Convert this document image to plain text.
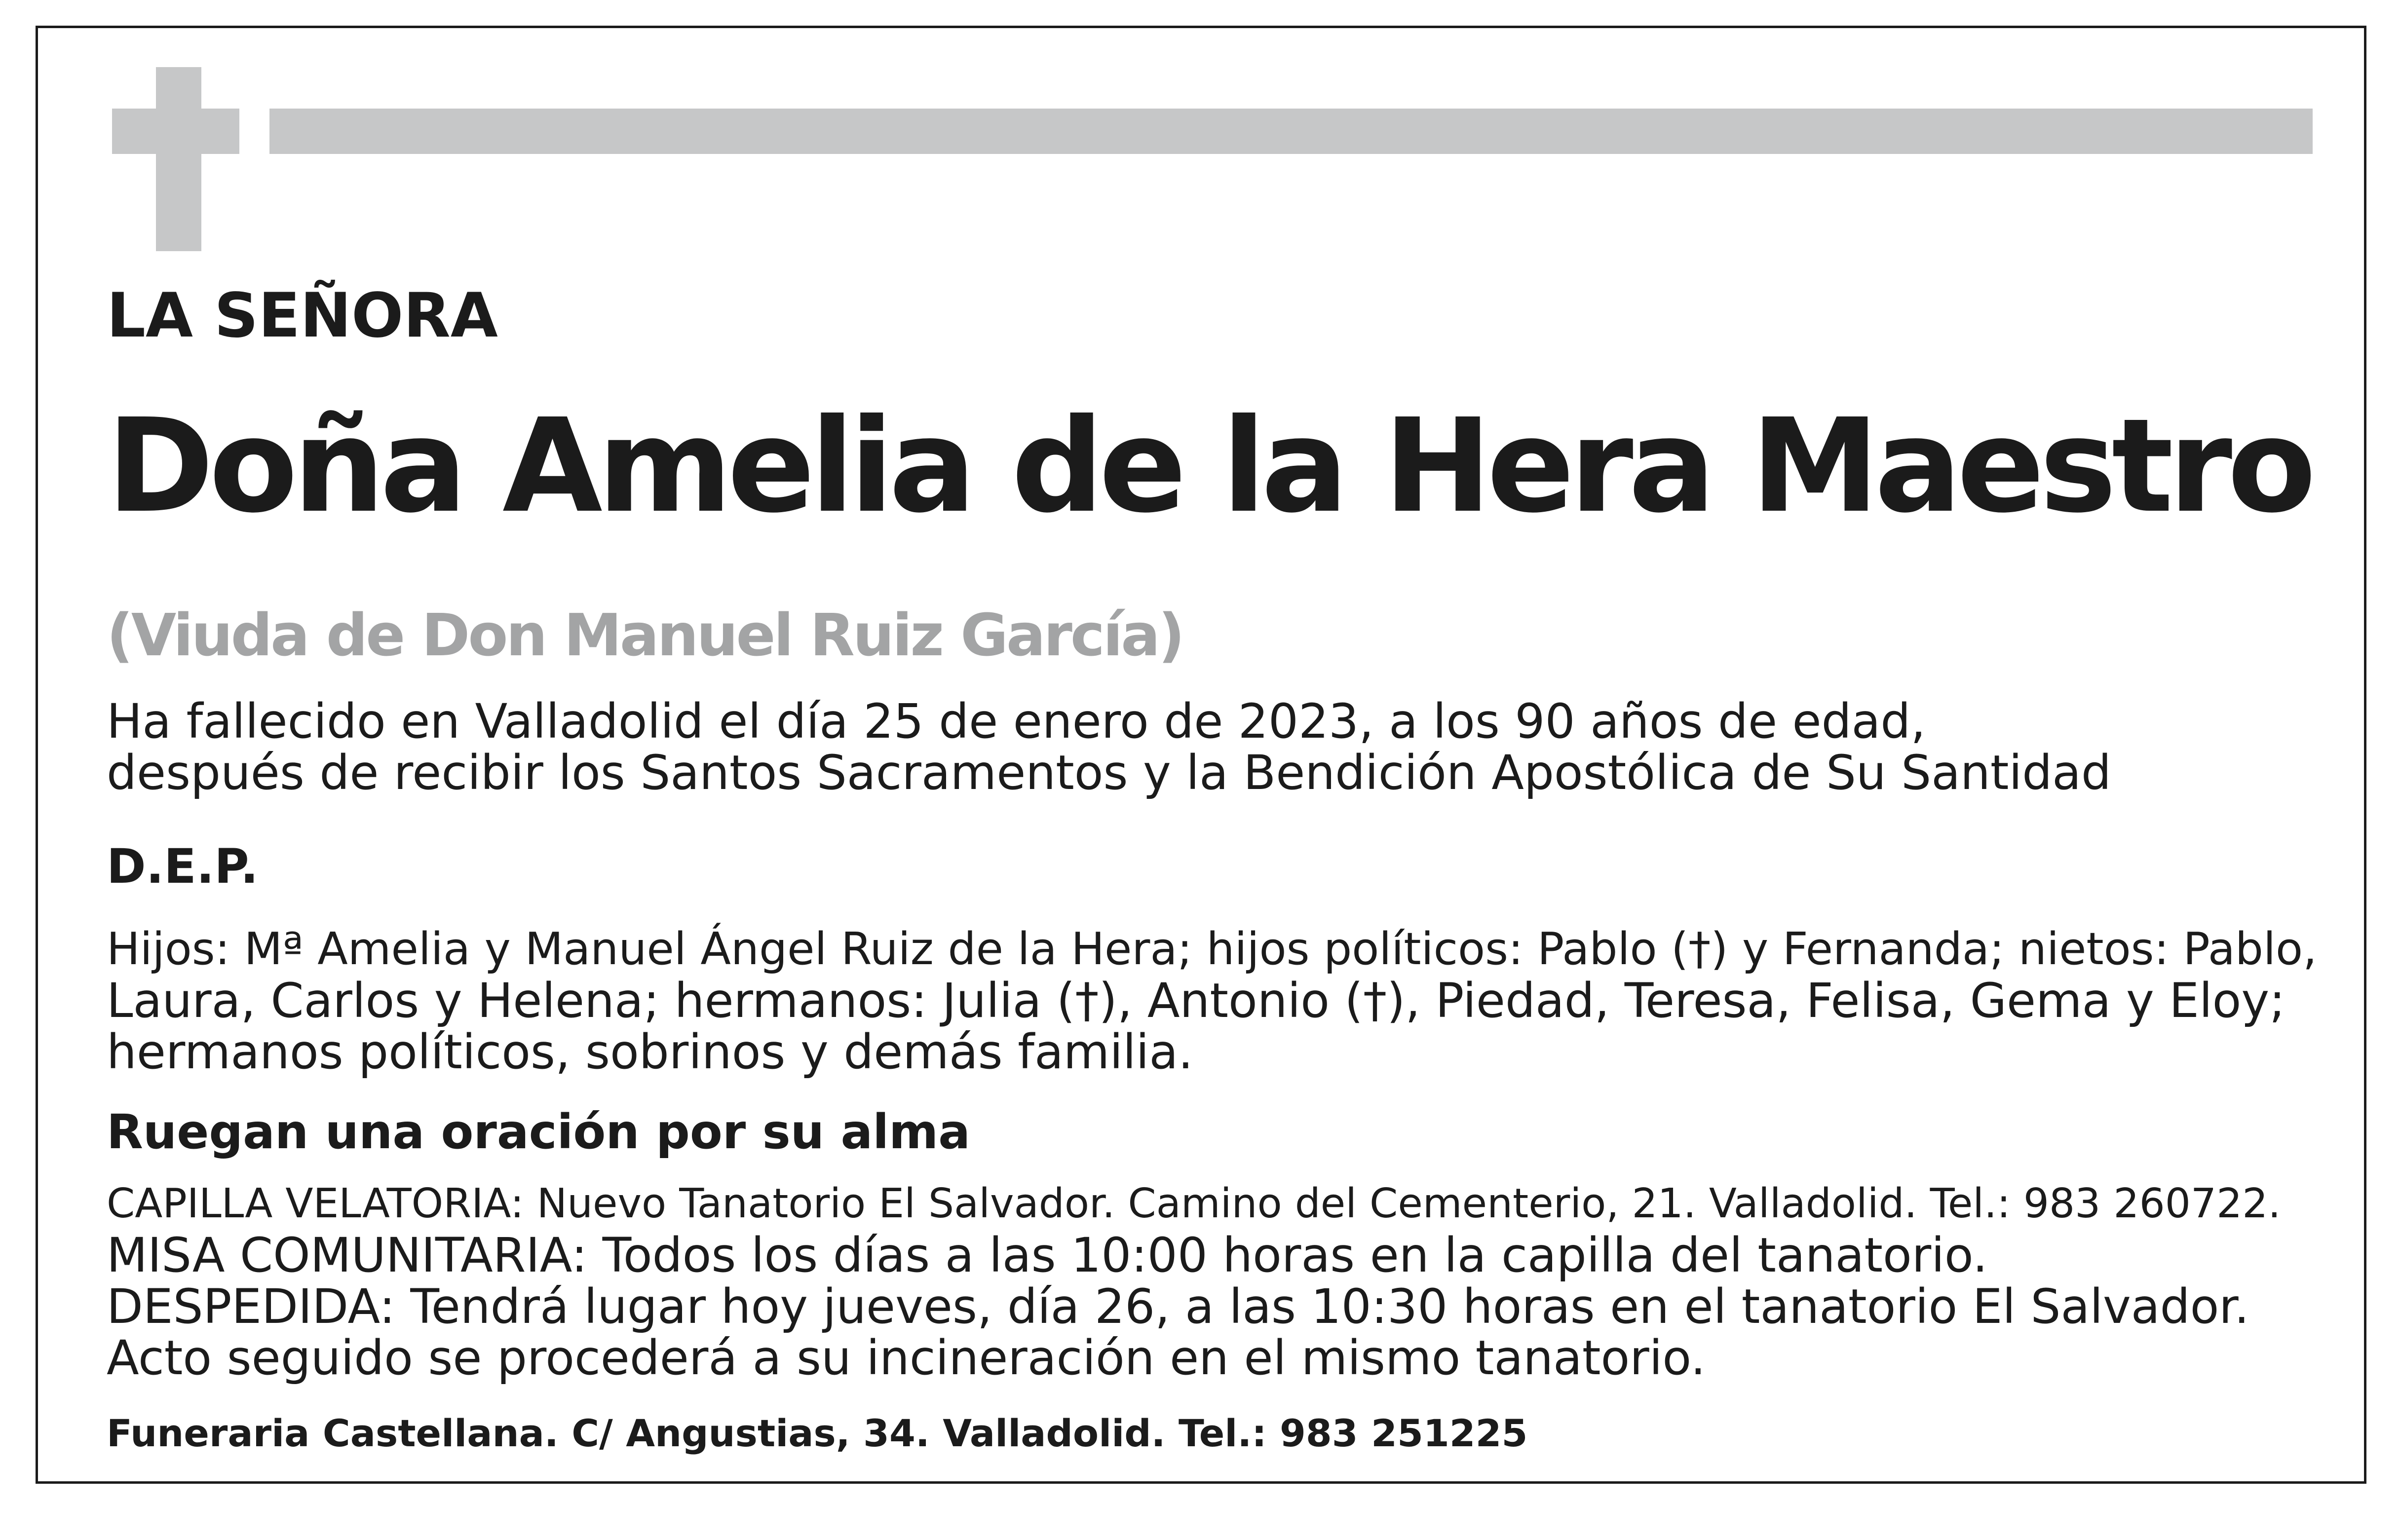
LA SEÑORA

Doña Amelia de la Hera Maestro

(Viuda de Don Manuel Ruiz García)

Ha fallecido en Valladolid el día 25 de enero de 2023, a los 90 años de edad,

después de recibir los Santos Sacramentos y la Bendición Apostólica de Su Santidad

D.E.P.

Hijos: Mª Amelia y Manuel Ángel Ruiz de la Hera; hijos políticos: Pablo (†) y Fernanda; nietos: Pablo,

Laura, Carlos y Helena; hermanos: Julia (†), Antonio (†), Piedad, Teresa, Felisa, Gema y Eloy;

hermanos políticos, sobrinos y demás familia.

Ruegan una oración por su alma

CAPILLA VELATORIA: Nuevo Tanatorio El Salvador. Camino del Cementerio, 21. Valladolid. Tel.: 983 260722.

MISA COMUNITARIA: Todos los días a las 10:00 horas en la capilla del tanatorio.

DESPEDIDA: Tendrá lugar hoy jueves, día 26, a las 10:30 horas en el tanatorio El Salvador.

Acto seguido se procederá a su incineración en el mismo tanatorio.

Funeraria Castellana. C/ Angustias, 34. Valladolid. Tel.: 983 251225
